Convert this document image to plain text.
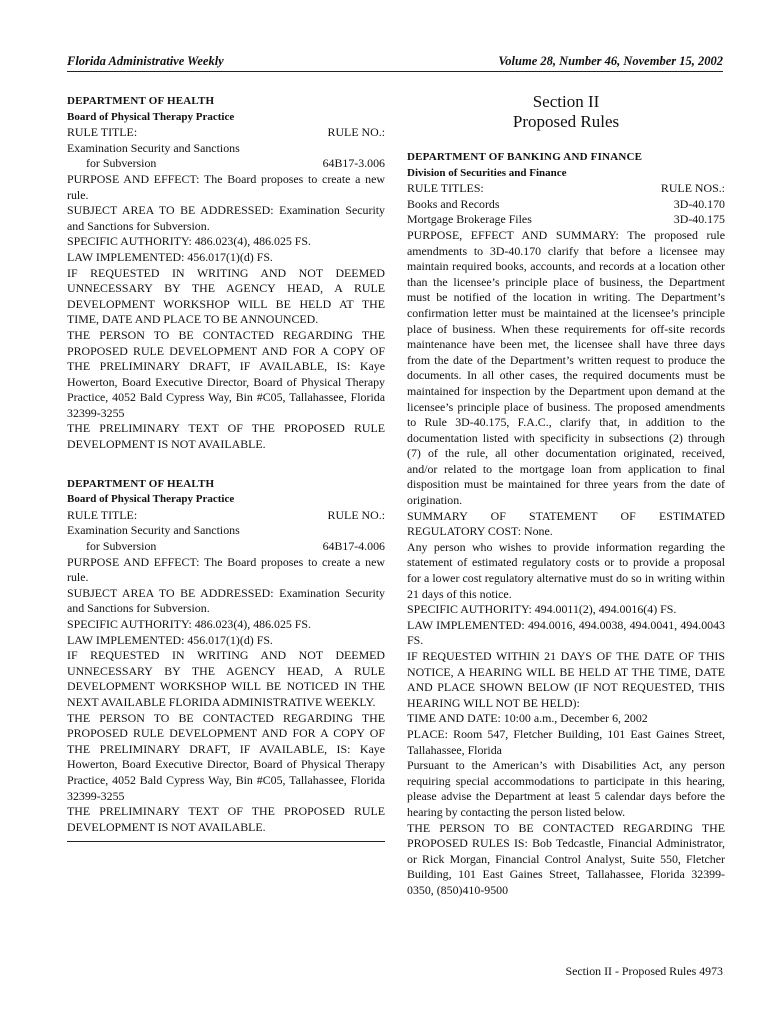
Florida Administrative Weekly	Volume 28, Number 46, November 15, 2002
DEPARTMENT OF HEALTH
Board of Physical Therapy Practice
RULE TITLE:	RULE NO.:
Examination Security and Sanctions
for Subversion	64B17-3.006

PURPOSE AND EFFECT: The Board proposes to create a new rule.

SUBJECT AREA TO BE ADDRESSED: Examination Security and Sanctions for Subversion.

SPECIFIC AUTHORITY: 486.023(4), 486.025 FS.

LAW IMPLEMENTED: 456.017(1)(d) FS.

IF REQUESTED IN WRITING AND NOT DEEMED UNNECESSARY BY THE AGENCY HEAD, A RULE DEVELOPMENT WORKSHOP WILL BE HELD AT THE TIME, DATE AND PLACE TO BE ANNOUNCED.

THE PERSON TO BE CONTACTED REGARDING THE PROPOSED RULE DEVELOPMENT AND FOR A COPY OF THE PRELIMINARY DRAFT, IF AVAILABLE, IS: Kaye Howerton, Board Executive Director, Board of Physical Therapy Practice, 4052 Bald Cypress Way, Bin #C05, Tallahassee, Florida 32399-3255

THE PRELIMINARY TEXT OF THE PROPOSED RULE DEVELOPMENT IS NOT AVAILABLE.

DEPARTMENT OF HEALTH
Board of Physical Therapy Practice
RULE TITLE:	RULE NO.:
Examination Security and Sanctions
for Subversion	64B17-4.006

PURPOSE AND EFFECT: The Board proposes to create a new rule.

SUBJECT AREA TO BE ADDRESSED: Examination Security and Sanctions for Subversion.

SPECIFIC AUTHORITY: 486.023(4), 486.025 FS.

LAW IMPLEMENTED: 456.017(1)(d) FS.

IF REQUESTED IN WRITING AND NOT DEEMED UNNECESSARY BY THE AGENCY HEAD, A RULE DEVELOPMENT WORKSHOP WILL BE NOTICED IN THE NEXT AVAILABLE FLORIDA ADMINISTRATIVE WEEKLY.

THE PERSON TO BE CONTACTED REGARDING THE PROPOSED RULE DEVELOPMENT AND FOR A COPY OF THE PRELIMINARY DRAFT, IF AVAILABLE, IS: Kaye Howerton, Board Executive Director, Board of Physical Therapy Practice, 4052 Bald Cypress Way, Bin #C05, Tallahassee, Florida 32399-3255

THE PRELIMINARY TEXT OF THE PROPOSED RULE DEVELOPMENT IS NOT AVAILABLE.

Section II
Proposed Rules
DEPARTMENT OF BANKING AND FINANCE
Division of Securities and Finance
RULE TITLES:	RULE NOS.:
Books and Records	3D-40.170
Mortgage Brokerage Files	3D-40.175

PURPOSE, EFFECT AND SUMMARY: The proposed rule amendments to 3D-40.170 clarify that before a licensee may maintain required books, accounts, and records at a location other than the licensee’s principle place of business, the Department must be notified of the location in writing. The Department’s confirmation letter must be maintained at the licensee’s principle place of business. When these requirements for off-site records maintenance have been met, the licensee shall have three days from the date of the Department’s written request to produce the documents. In all other cases, the required documents must be maintained for inspection by the Department upon demand at the licensee’s principle place of business. The proposed amendments to Rule 3D-40.175, F.A.C., clarify that, in addition to the documentation listed with specificity in subsections (2) through (7) of the rule, all other documentation originated, received, and/or related to the mortgage loan from application to final disposition must be maintained for three years from the date of origination.

SUMMARY OF STATEMENT OF ESTIMATED REGULATORY COST: None.

Any person who wishes to provide information regarding the statement of estimated regulatory costs or to provide a proposal for a lower cost regulatory alternative must do so in writing within 21 days of this notice.

SPECIFIC AUTHORITY: 494.0011(2), 494.0016(4) FS.

LAW IMPLEMENTED: 494.0016, 494.0038, 494.0041, 494.0043 FS.

IF REQUESTED WITHIN 21 DAYS OF THE DATE OF THIS NOTICE, A HEARING WILL BE HELD AT THE TIME, DATE AND PLACE SHOWN BELOW (IF NOT REQUESTED, THIS HEARING WILL NOT BE HELD):

TIME AND DATE: 10:00 a.m., December 6, 2002

PLACE: Room 547, Fletcher Building, 101 East Gaines Street, Tallahassee, Florida

Pursuant to the American’s with Disabilities Act, any person requiring special accommodations to participate in this hearing, please advise the Department at least 5 calendar days before the hearing by contacting the person listed below.

THE PERSON TO BE CONTACTED REGARDING THE PROPOSED RULES IS: Bob Tedcastle, Financial Administrator, or Rick Morgan, Financial Control Analyst, Suite 550, Fletcher Building, 101 East Gaines Street, Tallahassee, Florida 32399-0350, (850)410-9500

Section II - Proposed Rules 4973
